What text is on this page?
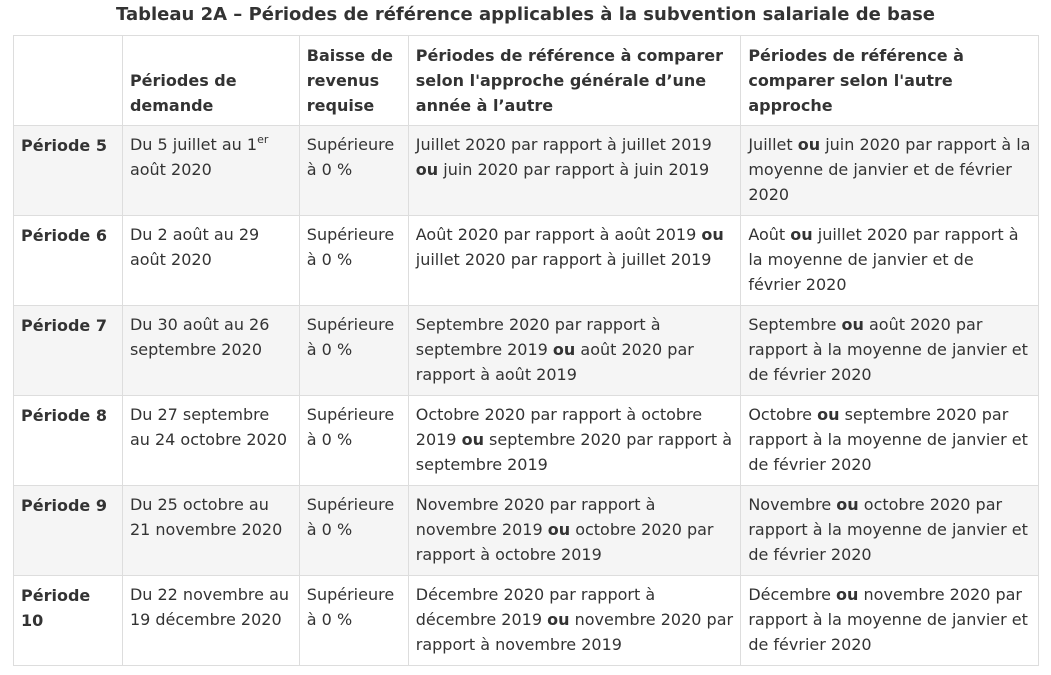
Tableau 2A – Périodes de référence applicables à la subvention salariale de base
	Périodes de demande	Baisse de revenus requise	Périodes de référence à comparer selon l'approche générale d’une année à l’autre	Périodes de référence à comparer selon l'autre approche
Période 5	Du 5 juillet au 1er août 2020	Supérieure à 0 %	Juillet 2020 par rapport à juillet 2019 ou juin 2020 par rapport à juin 2019	Juillet ou juin 2020 par rapport à la moyenne de janvier et de février 2020
Période 6	Du 2 août au 29 août 2020	Supérieure à 0 %	Août 2020 par rapport à août 2019 ou juillet 2020 par rapport à juillet 2019	Août ou juillet 2020 par rapport à la moyenne de janvier et de février 2020
Période 7	Du 30 août au 26 septembre 2020	Supérieure à 0 %	Septembre 2020 par rapport à septembre 2019 ou août 2020 par rapport à août 2019	Septembre ou août 2020 par rapport à la moyenne de janvier et de février 2020
Période 8	Du 27 septembre au 24 octobre 2020	Supérieure à 0 %	Octobre 2020 par rapport à octobre 2019 ou septembre 2020 par rapport à septembre 2019	Octobre ou septembre 2020 par rapport à la moyenne de janvier et de février 2020
Période 9	Du 25 octobre au 21 novembre 2020	Supérieure à 0 %	Novembre 2020 par rapport à novembre 2019 ou octobre 2020 par rapport à octobre 2019	Novembre ou octobre 2020 par rapport à la moyenne de janvier et de février 2020
Période 10	Du 22 novembre au 19 décembre 2020	Supérieure à 0 %	Décembre 2020 par rapport à décembre 2019 ou novembre 2020 par rapport à novembre 2019	Décembre ou novembre 2020 par rapport à la moyenne de janvier et de février 2020
